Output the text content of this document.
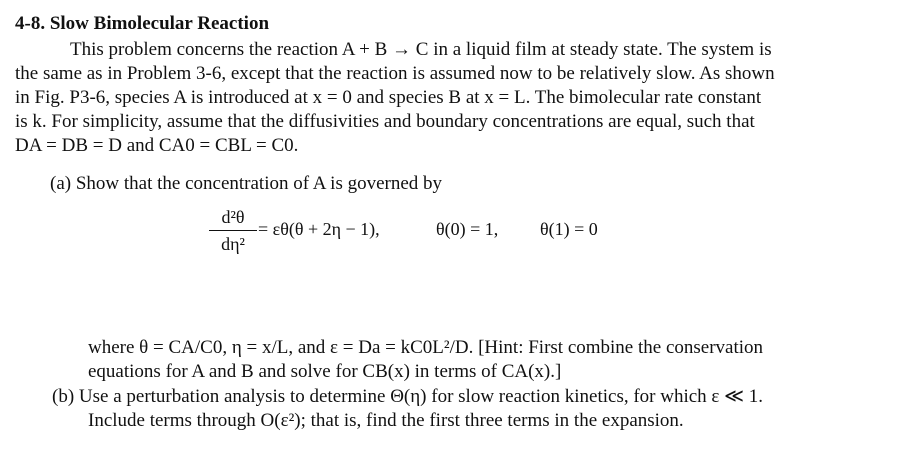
4-8. Slow Bimolecular Reaction
This problem concerns the reaction A + B → C in a liquid film at steady state. The system is
the same as in Problem 3-6, except that the reaction is assumed now to be relatively slow. As shown
in Fig. P3-6, species A is introduced at x = 0 and species B at x = L. The bimolecular rate constant
is k. For simplicity, assume that the diffusivities and boundary concentrations are equal, such that
DA = DB = D and CA0 = CBL = C0.
(a) Show that the concentration of A is governed by
d²θ
dη²
= εθ(θ + 2η − 1),	θ(0) = 1, θ(1) = 0
where θ = CA/C0, η = x/L, and ε = Da = kC0L²/D. [Hint: First combine the conservation
equations for A and B and solve for CB(x) in terms of CA(x).]
(b) Use a perturbation analysis to determine Θ(η) for slow reaction kinetics, for which ε ≪ 1.
Include terms through O(ε²); that is, find the first three terms in the expansion.
